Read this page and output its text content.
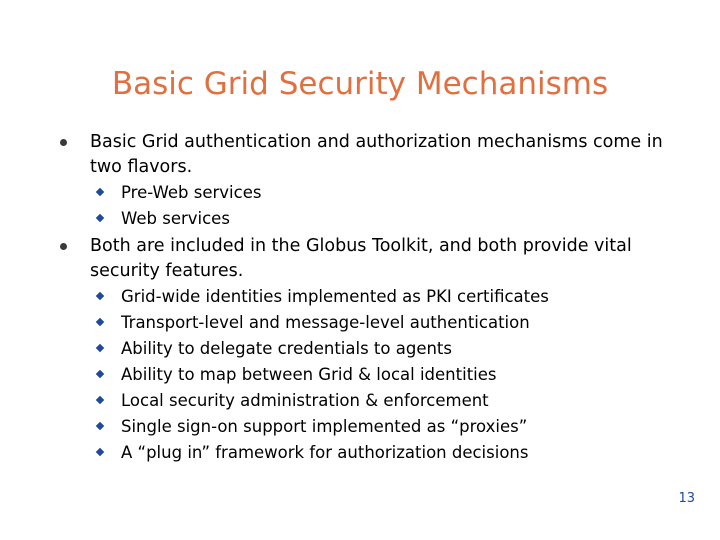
Basic Grid Security Mechanisms
Basic Grid authentication and authorization mechanisms come in two flavors.
Pre-Web services
Web services
Both are included in the Globus Toolkit, and both provide vital security features.
Grid-wide identities implemented as PKI certificates
Transport-level and message-level authentication
Ability to delegate credentials to agents
Ability to map between Grid & local identities
Local security administration & enforcement
Single sign-on support implemented as “proxies”
A “plug in” framework for authorization decisions
13
